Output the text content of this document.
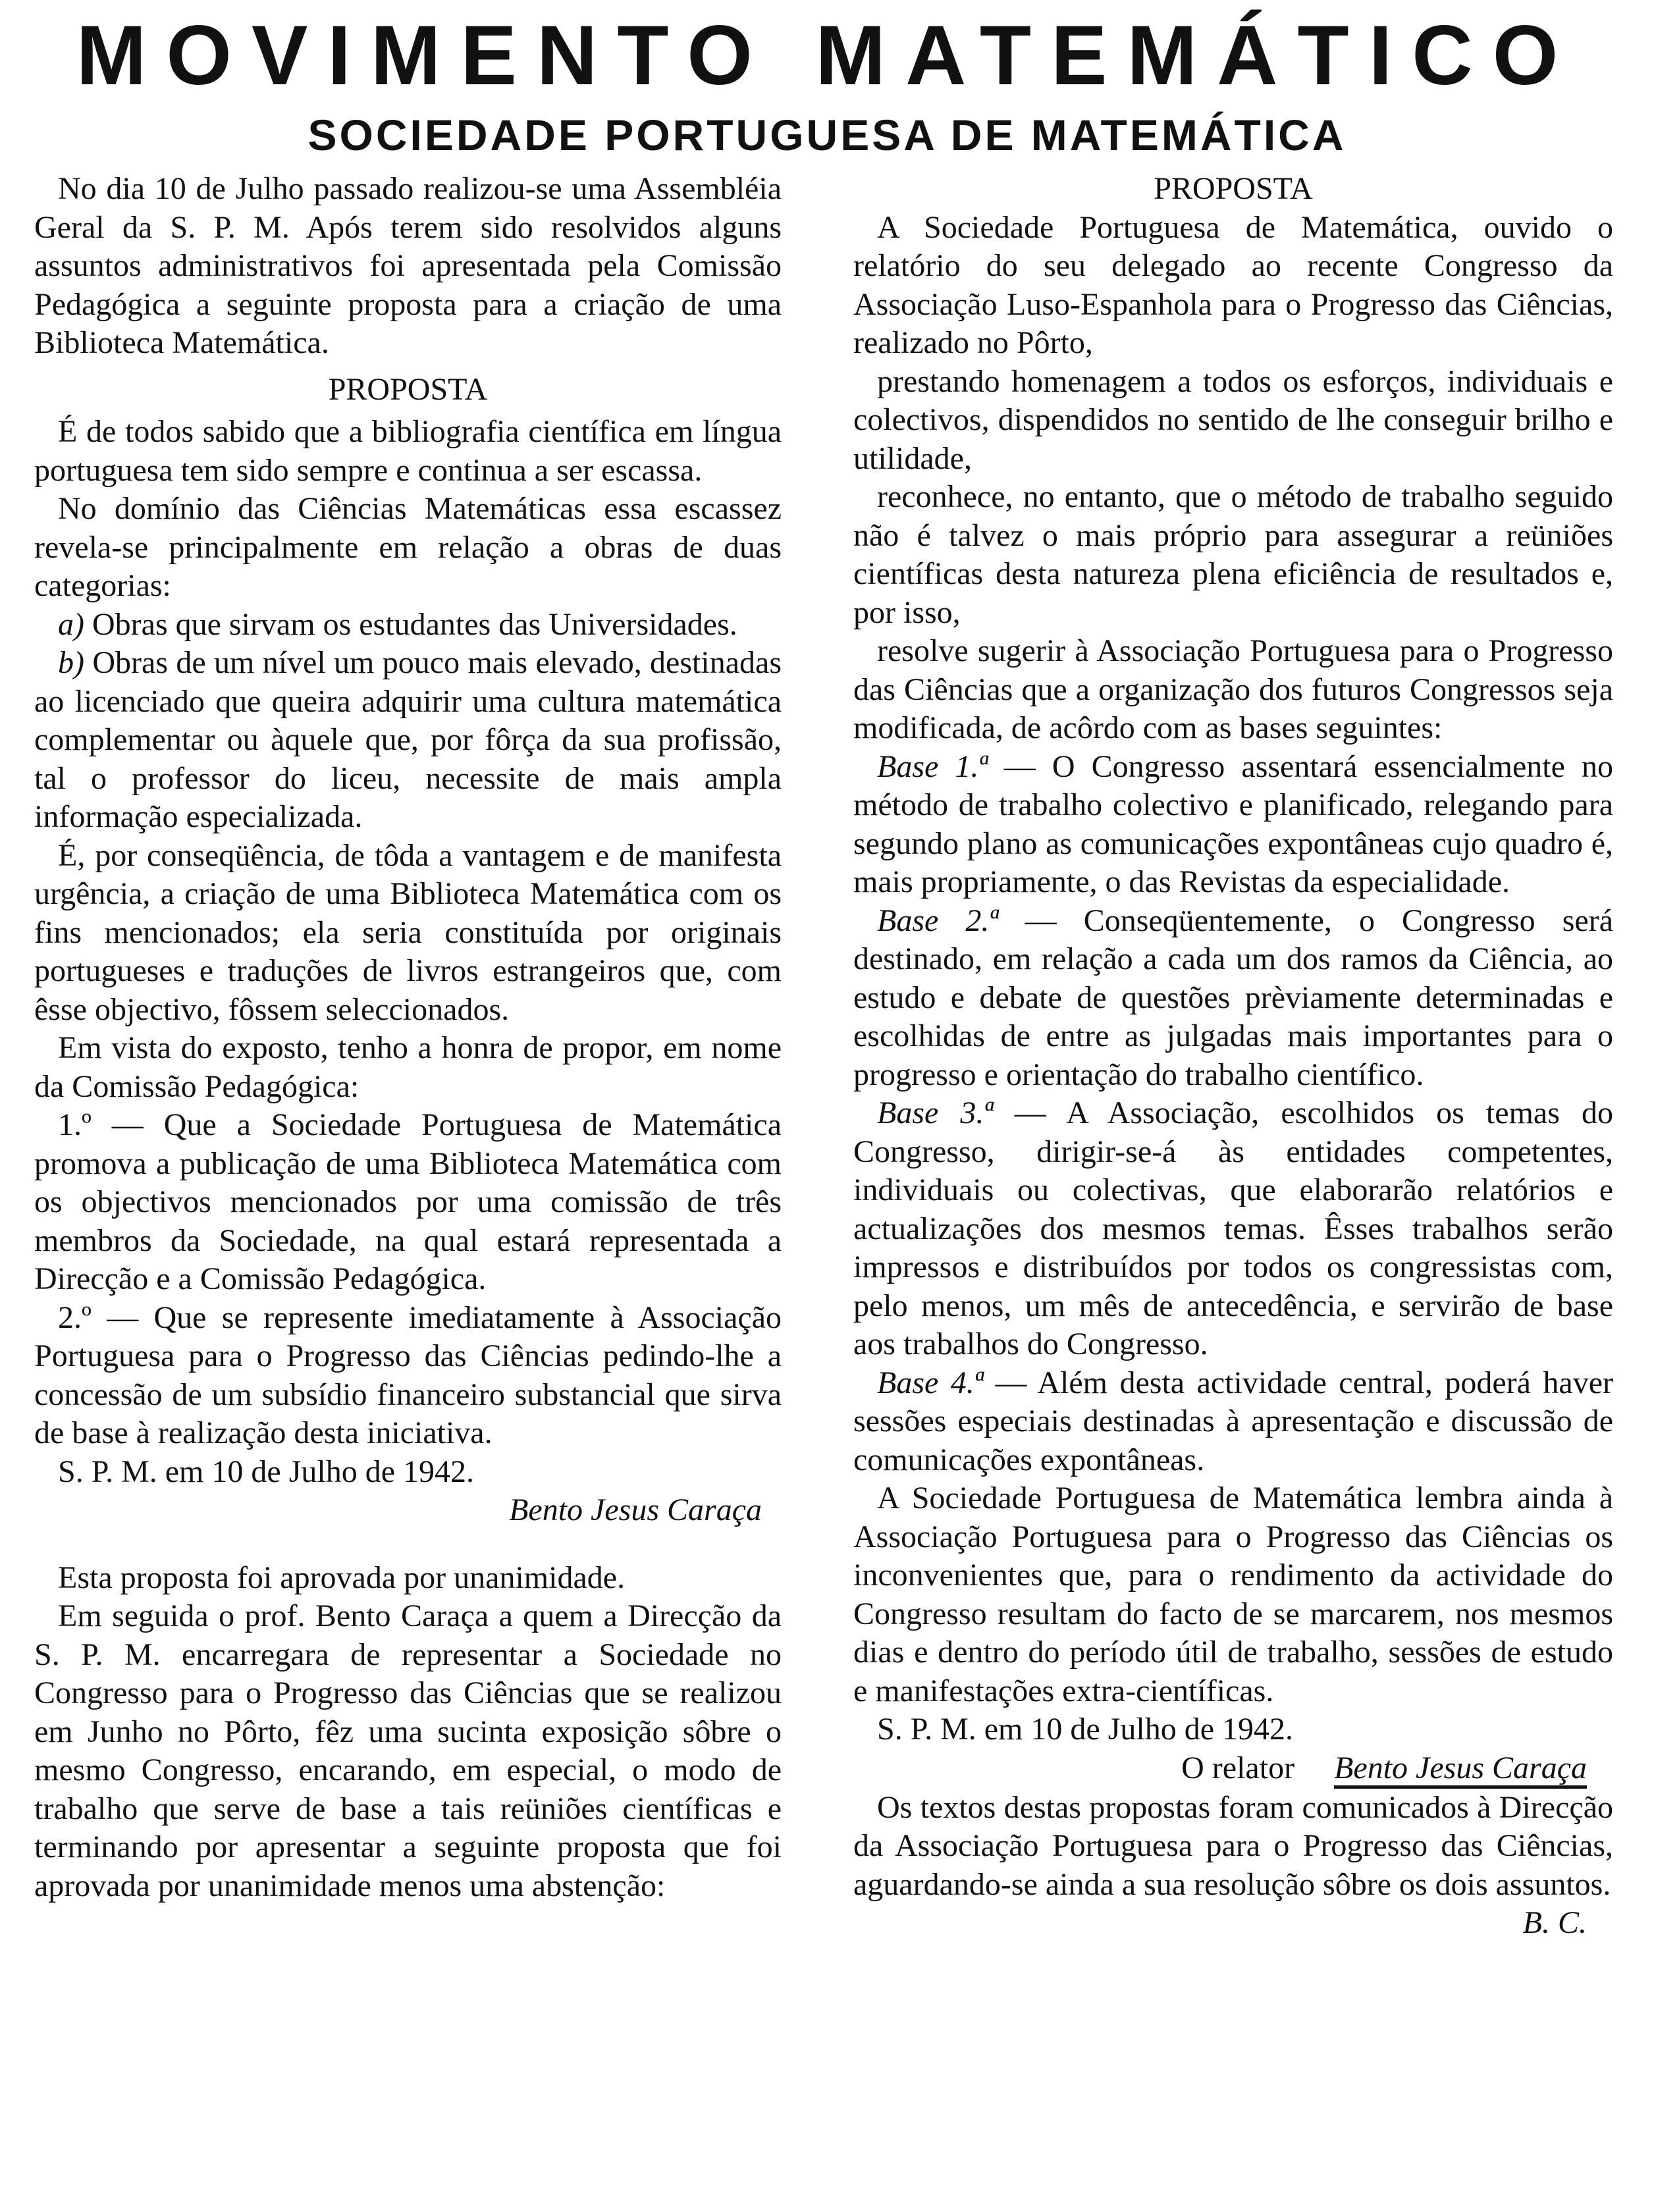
MOVIMENTO MATEMÁTICO
SOCIEDADE PORTUGUESA DE MATEMÁTICA

No dia 10 de Julho passado realizou-se uma Assembléia Geral da S. P. M. Após terem sido resolvidos alguns assuntos administrativos foi apresentada pela Comissão Pedagógica a seguinte proposta para a criação de uma Biblioteca Matemática.

PROPOSTA

É de todos sabido que a bibliografia científica em língua portuguesa tem sido sempre e continua a ser escassa.

No domínio das Ciências Matemáticas essa escassez revela-se principalmente em relação a obras de duas categorias:

a) Obras que sirvam os estudantes das Universidades.

b) Obras de um nível um pouco mais elevado, destinadas ao licenciado que queira adquirir uma cultura matemática complementar ou àquele que, por fôrça da sua profissão, tal o professor do liceu, necessite de mais ampla informação especializada.

É, por conseqüência, de tôda a vantagem e de manifesta urgência, a criação de uma Biblioteca Matemática com os fins mencionados; ela seria constituída por originais portugueses e traduções de livros estrangeiros que, com êsse objectivo, fôssem seleccionados.

Em vista do exposto, tenho a honra de propor, em nome da Comissão Pedagógica:

1.º — Que a Sociedade Portuguesa de Matemática promova a publicação de uma Biblioteca Matemática com os objectivos mencionados por uma comissão de três membros da Sociedade, na qual estará representada a Direcção e a Comissão Pedagógica.

2.º — Que se represente imediatamente à Associação Portuguesa para o Progresso das Ciências pedindo-lhe a concessão de um subsídio financeiro substancial que sirva de base à realização desta iniciativa.

S. P. M. em 10 de Julho de 1942.

Bento Jesus Caraça

Esta proposta foi aprovada por unanimidade.

Em seguida o prof. Bento Caraça a quem a Direcção da S. P. M. encarregara de representar a Sociedade no Congresso para o Progresso das Ciências que se realizou em Junho no Pôrto, fêz uma sucinta exposição sôbre o mesmo Congresso, encarando, em especial, o modo de trabalho que serve de base a tais reüniões científicas e terminando por apresentar a seguinte proposta que foi aprovada por unanimidade menos uma abstenção:

PROPOSTA

A Sociedade Portuguesa de Matemática, ouvido o relatório do seu delegado ao recente Congresso da Associação Luso-Espanhola para o Progresso das Ciências, realizado no Pôrto,

prestando homenagem a todos os esforços, individuais e colectivos, dispendidos no sentido de lhe conseguir brilho e utilidade,

reconhece, no entanto, que o método de trabalho seguido não é talvez o mais próprio para assegurar a reüniões científicas desta natureza plena eficiência de resultados e, por isso,

resolve sugerir à Associação Portuguesa para o Progresso das Ciências que a organização dos futuros Congressos seja modificada, de acôrdo com as bases seguintes:

Base 1.ª — O Congresso assentará essencialmente no método de trabalho colectivo e planificado, relegando para segundo plano as comunicações expontâneas cujo quadro é, mais propriamente, o das Revistas da especialidade.

Base 2.ª — Conseqüentemente, o Congresso será destinado, em relação a cada um dos ramos da Ciência, ao estudo e debate de questões prèviamente determinadas e escolhidas de entre as julgadas mais importantes para o progresso e orientação do trabalho científico.

Base 3.ª — A Associação, escolhidos os temas do Congresso, dirigir-se-á às entidades competentes, individuais ou colectivas, que elaborarão relatórios e actualizações dos mesmos temas. Êsses trabalhos serão impressos e distribuídos por todos os congressistas com, pelo menos, um mês de antecedência, e servirão de base aos trabalhos do Congresso.

Base 4.ª — Além desta actividade central, poderá haver sessões especiais destinadas à apresentação e discussão de comunicações expontâneas.

A Sociedade Portuguesa de Matemática lembra ainda à Associação Portuguesa para o Progresso das Ciências os inconvenientes que, para o rendimento da actividade do Congresso resultam do facto de se marcarem, nos mesmos dias e dentro do período útil de trabalho, sessões de estudo e manifestações extra-científicas.

S. P. M. em 10 de Julho de 1942.

O relator Bento Jesus Caraça

Os textos destas propostas foram comunicados à Direcção da Associação Portuguesa para o Progresso das Ciências, aguardando-se ainda a sua resolução sôbre os dois assuntos.

B. C.
